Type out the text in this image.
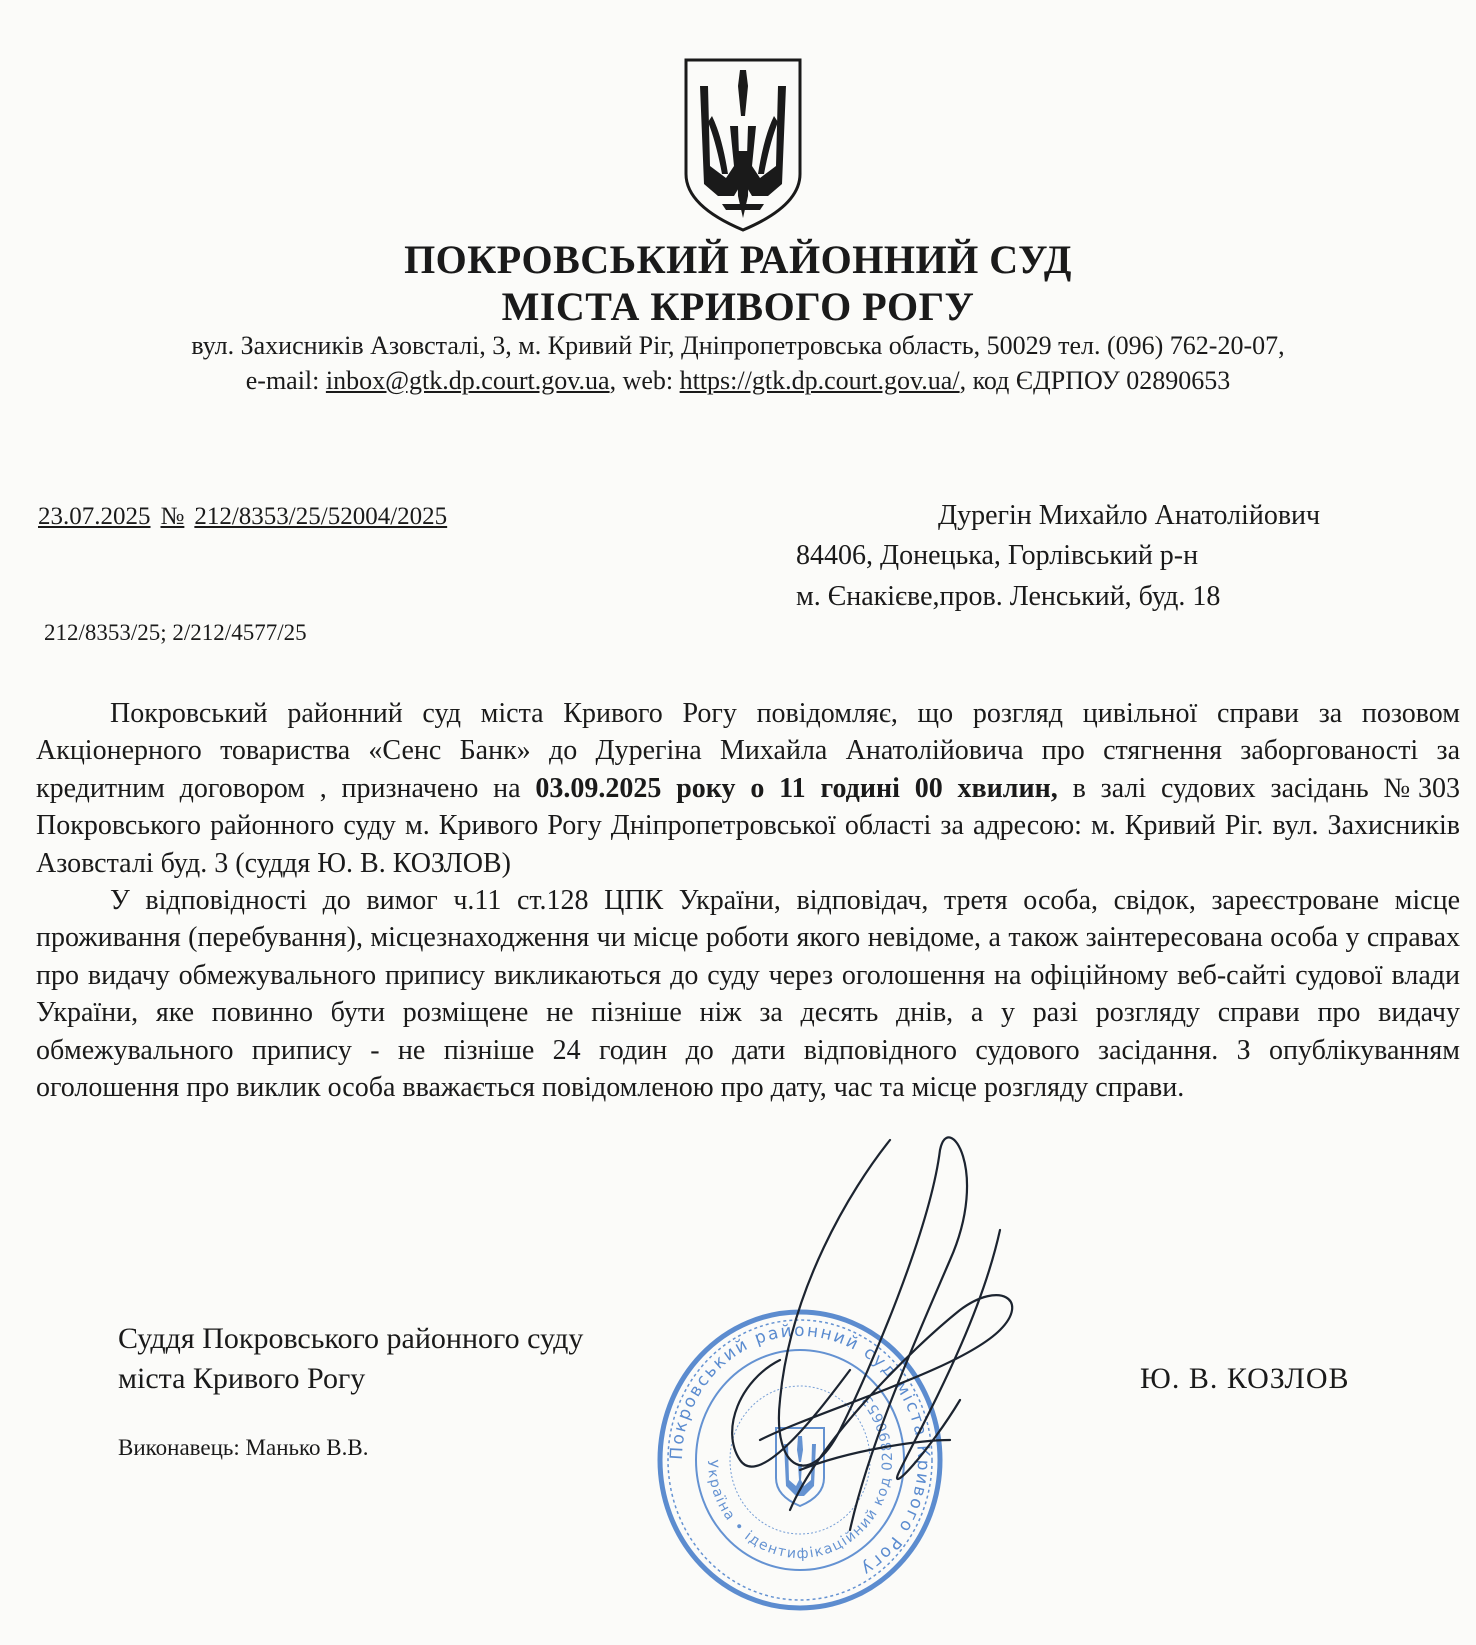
ПОКРОВСЬКИЙ РАЙОННИЙ СУД
МІСТА КРИВОГО РОГУ
вул. Захисників Азовсталі, 3, м. Кривий Ріг, Дніпропетровська область, 50029 тел. (096) 762-20-07,
e-mail: inbox@gtk.dp.court.gov.ua, web: https://gtk.dp.court.gov.ua/, код ЄДРПОУ 02890653
23.07.2025 № 212/8353/25/52004/2025
212/8353/25; 2/212/4577/25
Дурегін Михайло Анатолійович
84406, Донецька, Горлівський р-н
м. Єнакієве,пров. Ленський, буд. 18

Покровський районний суд міста Кривого Рогу повідомляє, що розгляд цивільної справи за позовом Акціонерного товариства «Сенс Банк» до Дурегіна Михайла Анатолійовича про стягнення заборгованості за кредитним договором , призначено на 03.09.2025 року о 11 годині 00 хвилин, в залі судових засідань №303 Покровського районного суду м. Кривого Рогу Дніпропетровської області за адресою: м. Кривий Ріг. вул. Захисників Азовсталі буд. 3 (суддя Ю. В. КОЗЛОВ)

У відповідності до вимог ч.11 ст.128 ЦПК України, відповідач, третя особа, свідок, зареєстроване місце проживання (перебування), місцезнаходження чи місце роботи якого невідоме, а також заінтересована особа у справах про видачу обмежувального припису викликаються до суду через оголошення на офіційному веб-сайті судової влади України, яке повинно бути розміщене не пізніше ніж за десять днів, а у разі розгляду справи про видачу обмежувального припису - не пізніше 24 годин до дати відповідного судового засідання. З опублікуванням оголошення про виклик особа вважається повідомленою про дату, час та місце розгляду справи.

Покровський районний суд міста Кривого Рогу
Україна • ідентифікаційний код 02890653
Суддя Покровського районного суду
міста Кривого Рогу	Ю. В. КОЗЛОВ
Виконавець: Манько В.В.
